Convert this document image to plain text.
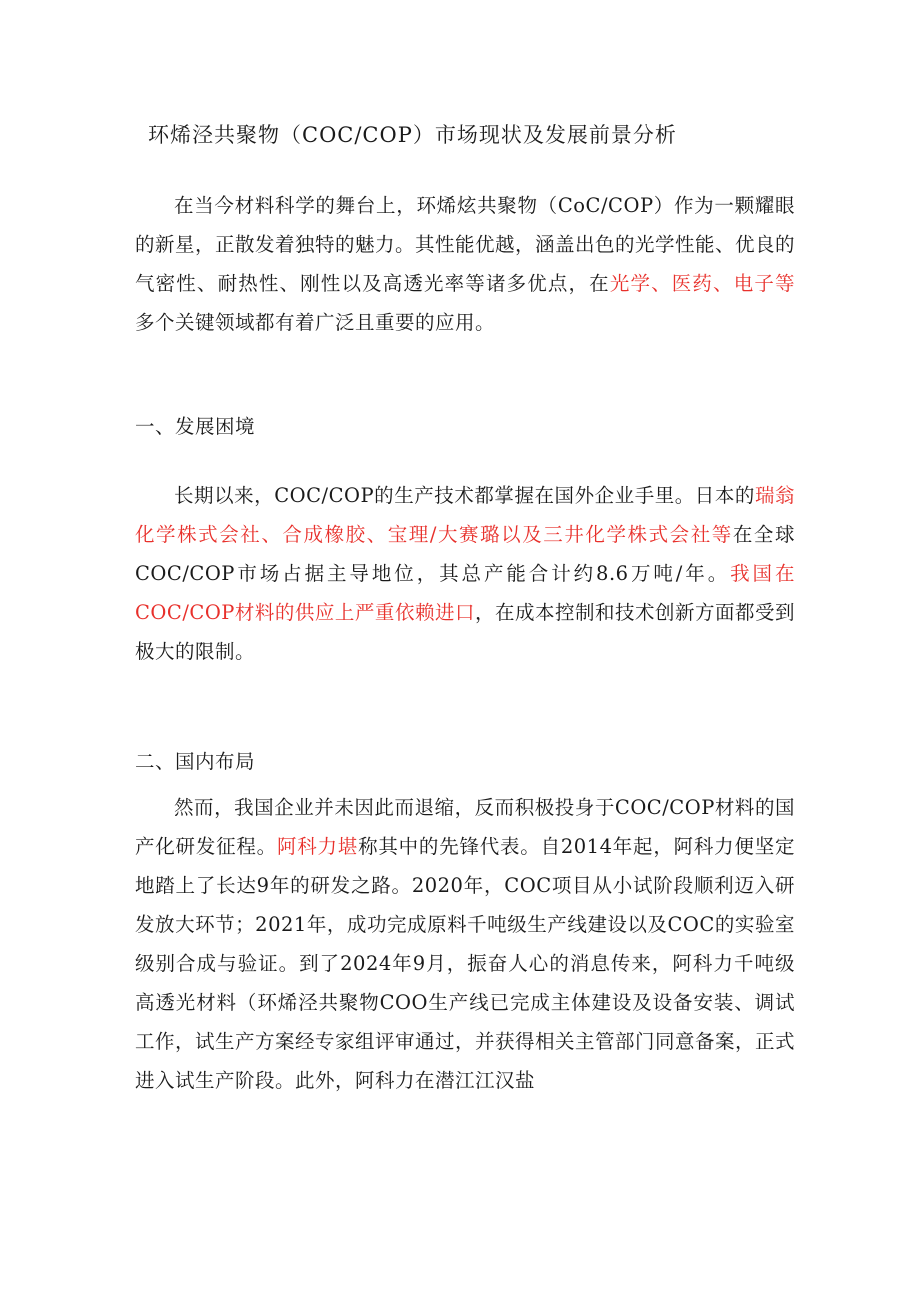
环烯泾共聚物（COC/COP）市场现状及发展前景分析

在当今材料科学的舞台上，环烯炫共聚物（CoC/COP）作为一颗耀眼的新星，正散发着独特的魅力。其性能优越，涵盖出色的光学性能、优良的气密性、耐热性、刚性以及高透光率等诸多优点，在光学、医药、电子等多个关键领域都有着广泛且重要的应用。

一、发展困境

长期以来，COC/COP的生产技术都掌握在国外企业手里。日本的瑞翁化学株式会社、合成橡胶、宝理/大赛璐以及三井化学株式会社等在全球COC/COP市场占据主导地位，其总产能合计约8.6万吨/年。我国在COC/COP材料的供应上严重依赖进口，在成本控制和技术创新方面都受到极大的限制。

二、国内布局

然而，我国企业并未因此而退缩，反而积极投身于COC/COP材料的国产化研发征程。阿科力堪称其中的先锋代表。自2014年起，阿科力便坚定地踏上了长达9年的研发之路。2020年，COC项目从小试阶段顺利迈入研发放大环节；2021年，成功完成原料千吨级生产线建设以及COC的实验室级别合成与验证。到了2024年9月，振奋人心的消息传来，阿科力千吨级高透光材料（环烯泾共聚物COO生产线已完成主体建设及设备安装、调试工作，试生产方案经专家组评审通过，并获得相关主管部门同意备案，正式进入试生产阶段。此外，阿科力在潜江江汉盐
